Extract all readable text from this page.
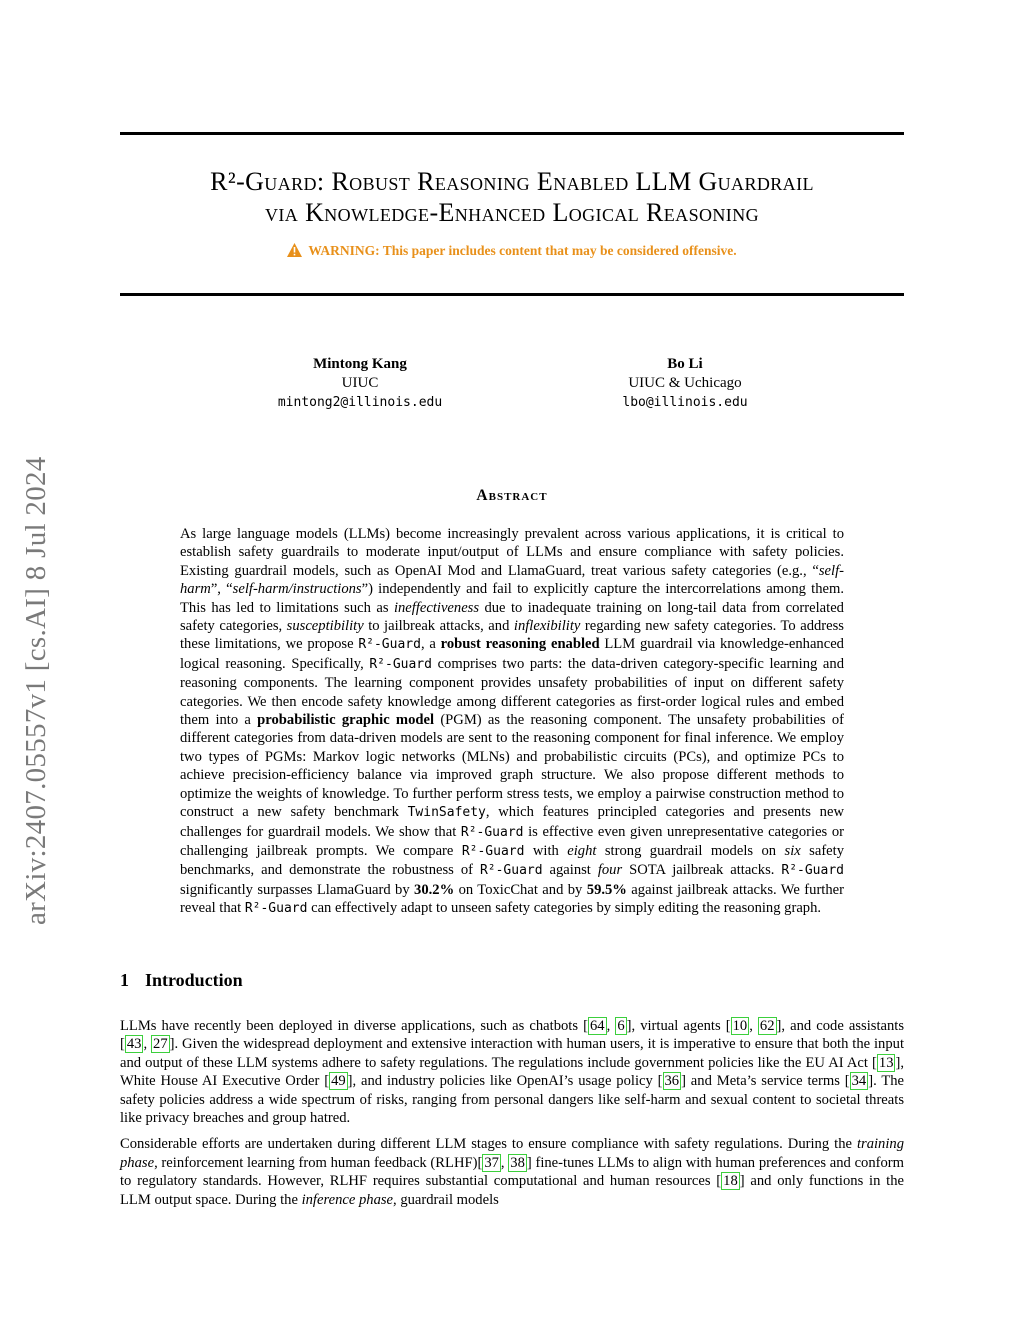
arXiv:2407.05557v1 [cs.AI] 8 Jul 2024
R²-Guard: Robust Reasoning Enabled LLM Guardrail
via Knowledge-Enhanced Logical Reasoning
WARNING: This paper includes content that may be considered offensive.
Mintong Kang
UIUC
mintong2@illinois.edu
Bo Li
UIUC & Uchicago
lbo@illinois.edu
Abstract

As large language models (LLMs) become increasingly prevalent across various applications, it is critical to establish safety guardrails to moderate input/output of LLMs and ensure compliance with safety policies. Existing guardrail models, such as OpenAI Mod and LlamaGuard, treat various safety categories (e.g., “self-harm”, “self-harm/instructions”) independently and fail to explicitly capture the intercorrelations among them. This has led to limitations such as ineffectiveness due to inadequate training on long-tail data from correlated safety categories, susceptibility to jailbreak attacks, and inflexibility regarding new safety categories. To address these limitations, we propose R²-Guard, a robust reasoning enabled LLM guardrail via knowledge-enhanced logical reasoning. Specifically, R²-Guard comprises two parts: the data-driven category-specific learning and reasoning components. The learning component provides unsafety probabilities of input on different safety categories. We then encode safety knowledge among different categories as first-order logical rules and embed them into a probabilistic graphic model (PGM) as the reasoning component. The unsafety probabilities of different categories from data-driven models are sent to the reasoning component for final inference. We employ two types of PGMs: Markov logic networks (MLNs) and probabilistic circuits (PCs), and optimize PCs to achieve precision-efficiency balance via improved graph structure. We also propose different methods to optimize the weights of knowledge. To further perform stress tests, we employ a pairwise construction method to construct a new safety benchmark TwinSafety, which features principled categories and presents new challenges for guardrail models. We show that R²-Guard is effective even given unrepresentative categories or challenging jailbreak prompts. We compare R²-Guard with eight strong guardrail models on six safety benchmarks, and demonstrate the robustness of R²-Guard against four SOTA jailbreak attacks. R²-Guard significantly surpasses LlamaGuard by 30.2% on ToxicChat and by 59.5% against jailbreak attacks. We further reveal that R²-Guard can effectively adapt to unseen safety categories by simply editing the reasoning graph.

1 Introduction

LLMs have recently been deployed in diverse applications, such as chatbots [ 64 , 6 ], virtual agents [ 10 , 62 ], and code assistants [ 43 , 27 ]. Given the widespread deployment and extensive interaction with human users, it is imperative to ensure that both the input and output of these LLM systems adhere to safety regulations. The regulations include government policies like the EU AI Act [ 13 ], White House AI Executive Order [ 49 ], and industry policies like OpenAI’s usage policy [ 36 ] and Meta’s service terms [ 34 ]. The safety policies address a wide spectrum of risks, ranging from personal dangers like self-harm and sexual content to societal threats like privacy breaches and group hatred.

Considerable efforts are undertaken during different LLM stages to ensure compliance with safety regulations. During the training phase, reinforcement learning from human feedback (RLHF)[ 37 , 38 ] fine-tunes LLMs to align with human preferences and conform to regulatory standards. However, RLHF requires substantial computational and human resources [ 18 ] and only functions in the LLM output space. During the inference phase, guardrail models
